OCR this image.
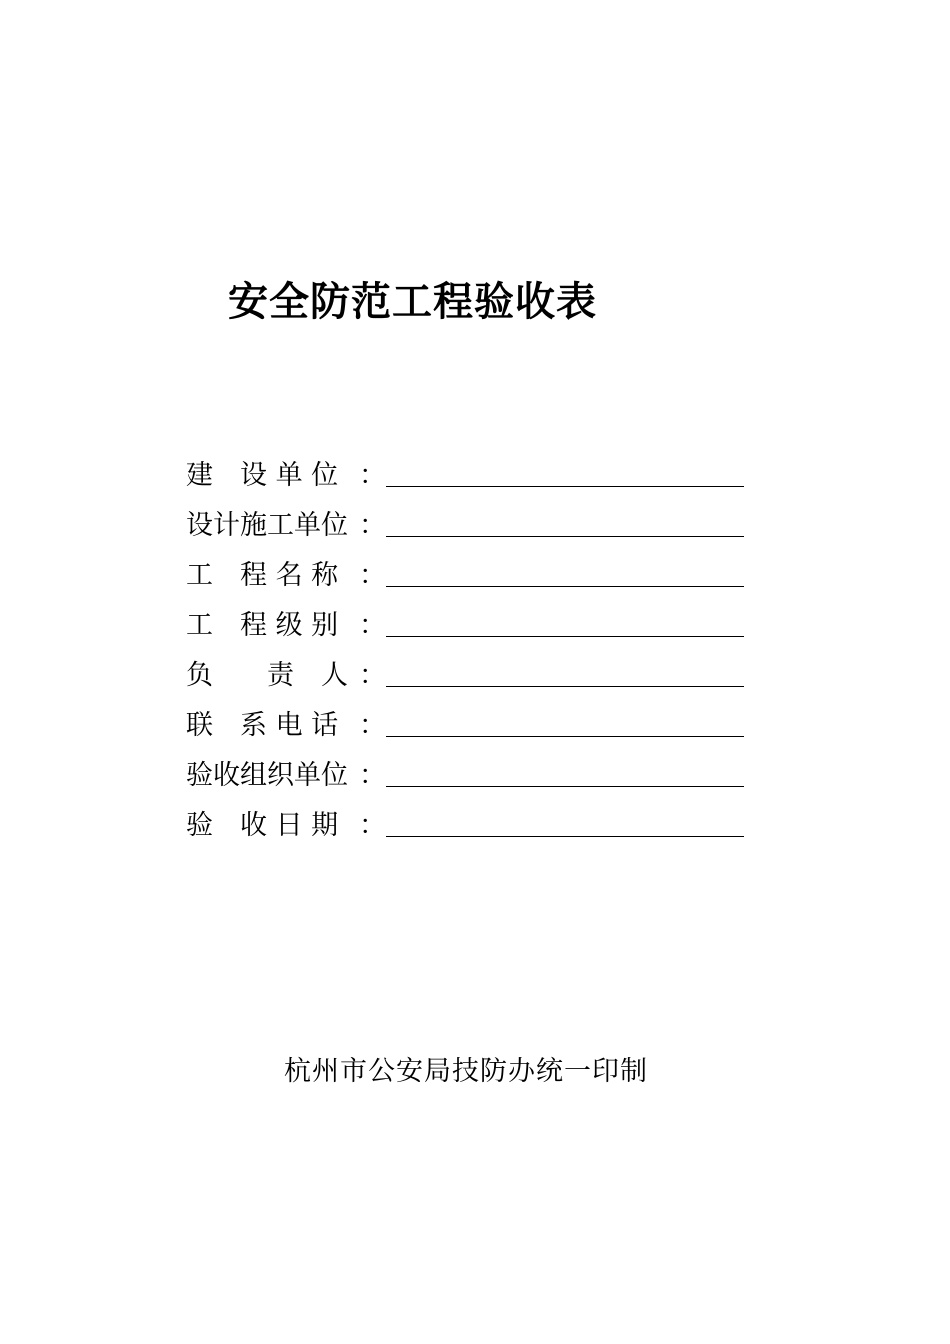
安全防范工程验收表
建　设 单 位 ：
设计施工单位 ：
工　程 名 称 ：
工　程 级 别 ：
负　　责　人 ：
联　系 电 话 ：
验收组织单位 ：
验　收 日 期 ：
杭州市公安局技防办统一印制
